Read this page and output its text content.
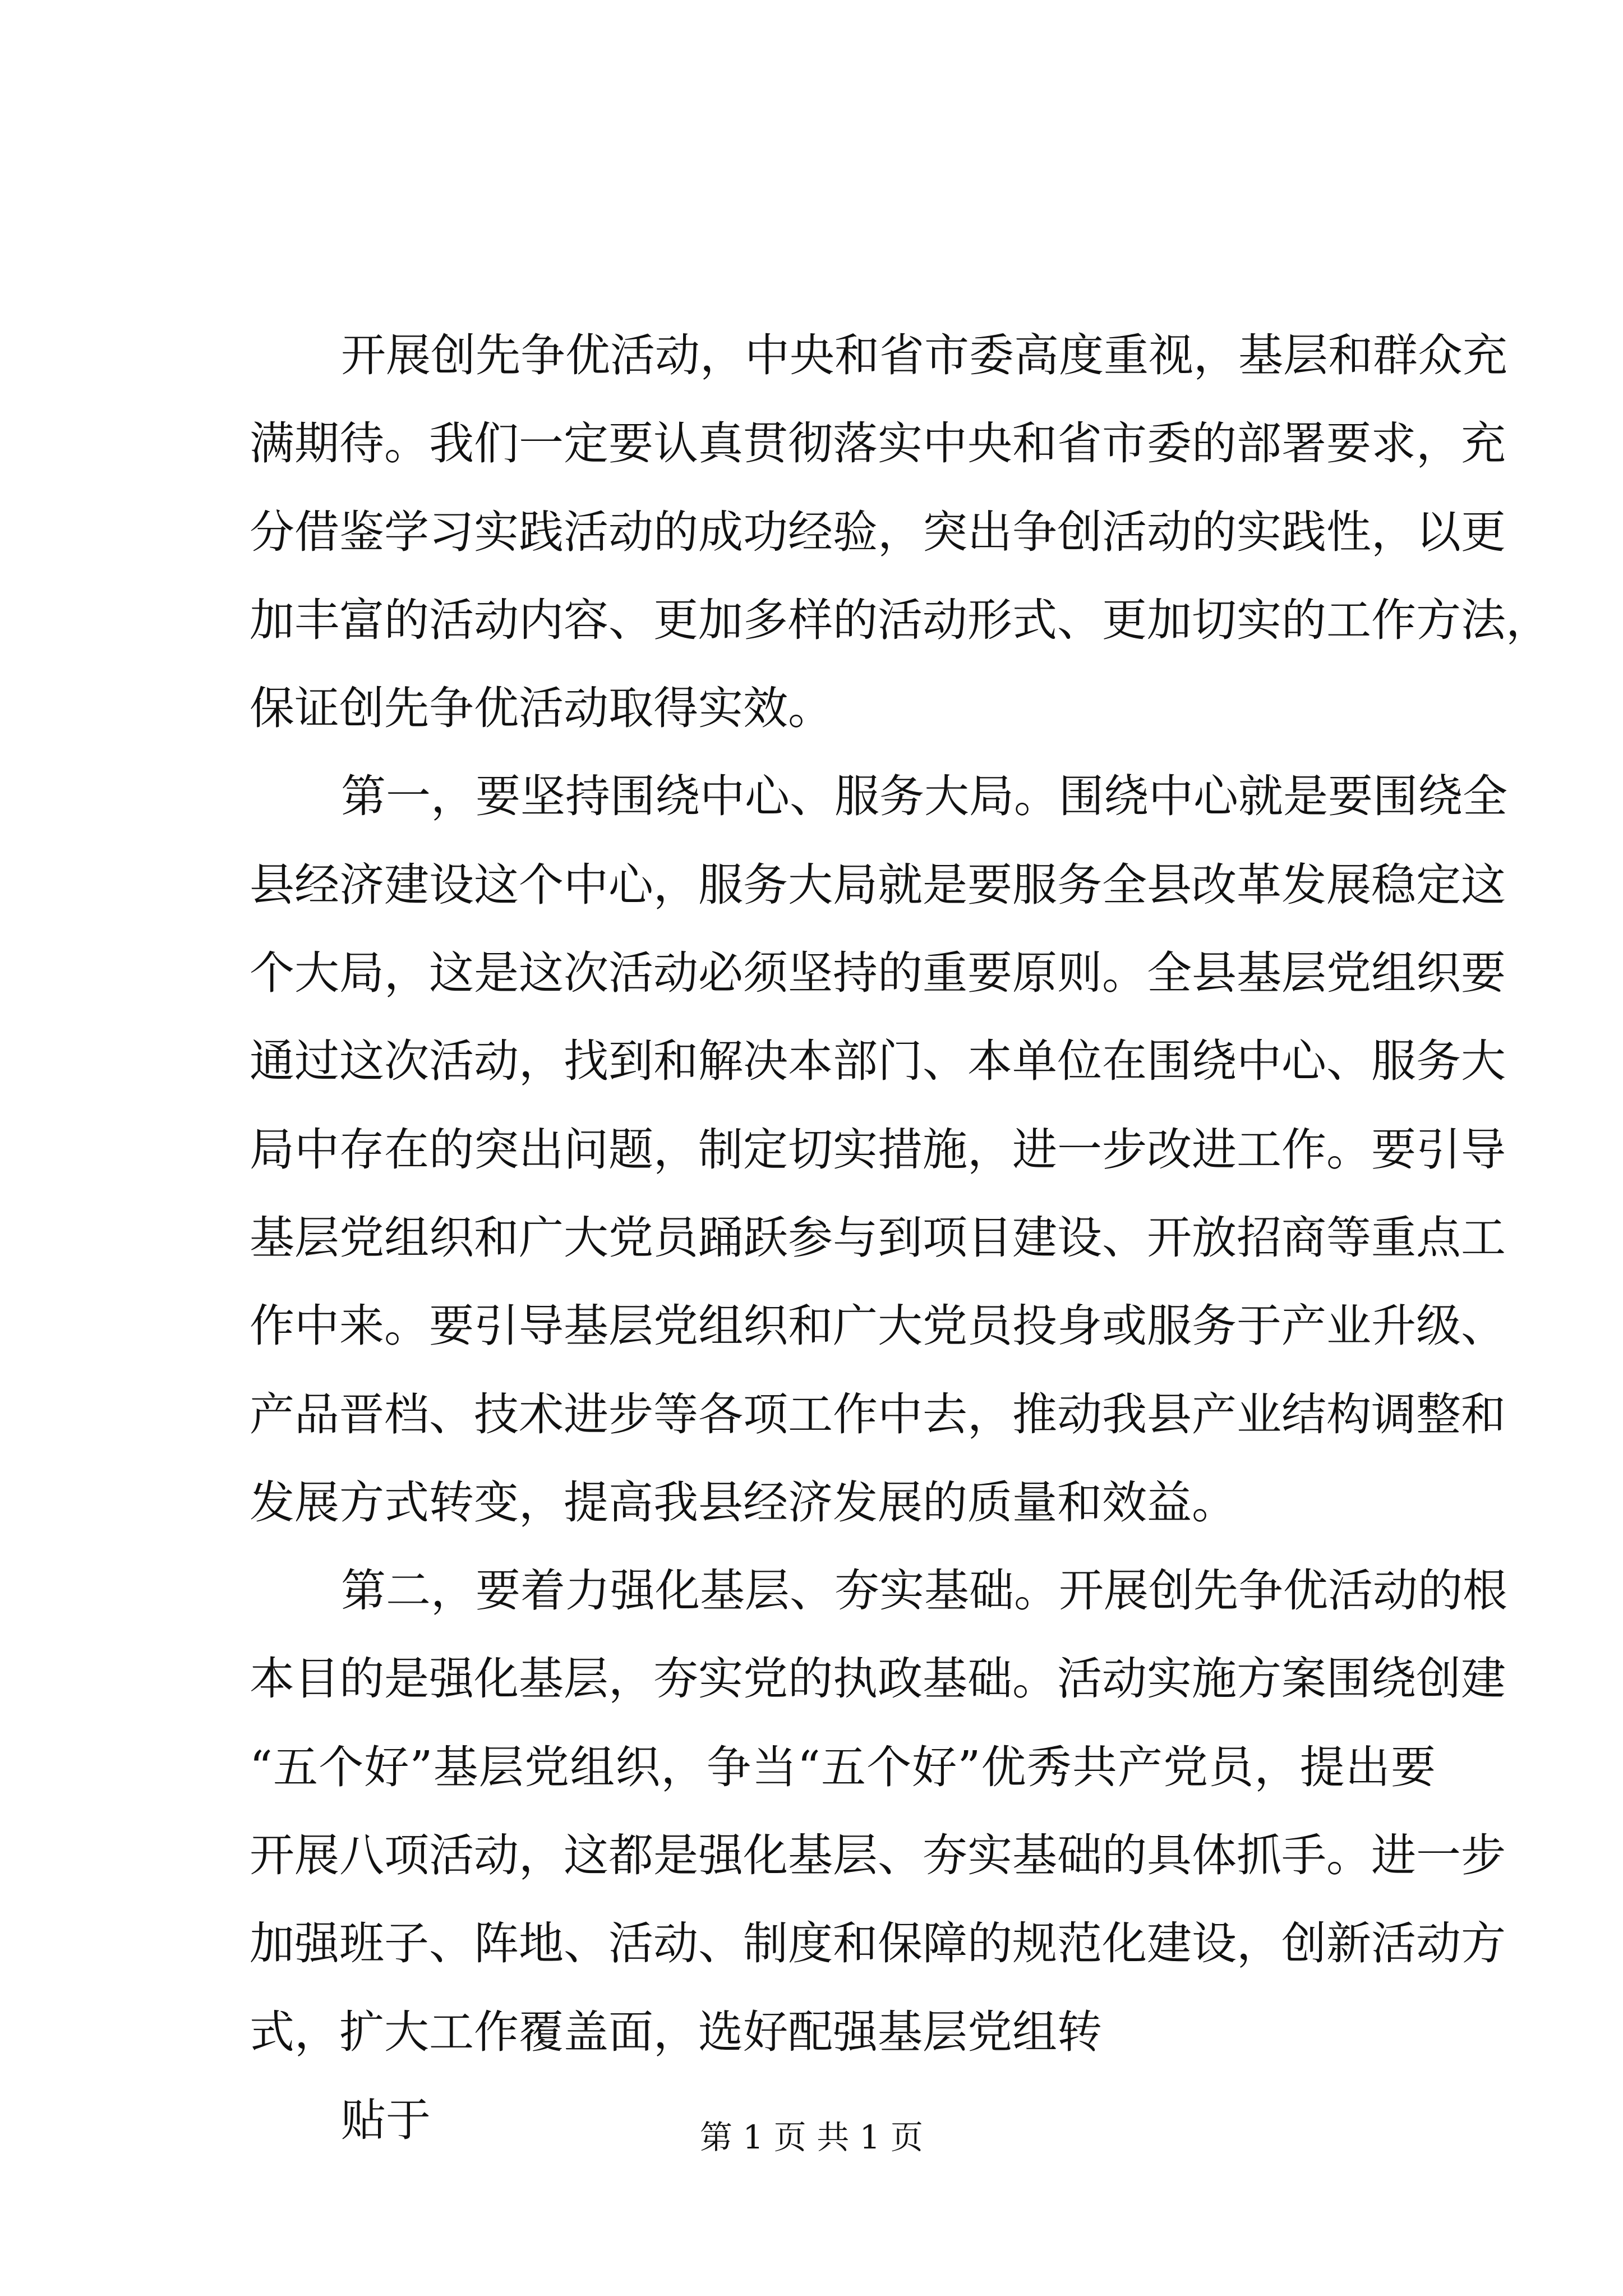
开展创先争优活动，中央和省市委高度重视，基层和群众充
满期待。我们一定要认真贯彻落实中央和省市委的部署要求，充
分借鉴学习实践活动的成功经验，突出争创活动的实践性，以更
加丰富的活动内容、更加多样的活动形式、更加切实的工作方法，
保证创先争优活动取得实效。
第一，要坚持围绕中心、服务大局。围绕中心就是要围绕全
县经济建设这个中心，服务大局就是要服务全县改革发展稳定这
个大局，这是这次活动必须坚持的重要原则。全县基层党组织要
通过这次活动，找到和解决本部门、本单位在围绕中心、服务大
局中存在的突出问题，制定切实措施，进一步改进工作。要引导
基层党组织和广大党员踊跃参与到项目建设、开放招商等重点工
作中来。要引导基层党组织和广大党员投身或服务于产业升级、
产品晋档、技术进步等各项工作中去，推动我县产业结构调整和
发展方式转变，提高我县经济发展的质量和效益。
第二，要着力强化基层、夯实基础。开展创先争优活动的根
本目的是强化基层，夯实党的执政基础。活动实施方案围绕创建
“五个好”基层党组织，争当“五个好”优秀共产党员，提出要
开展八项活动，这都是强化基层、夯实基础的具体抓手。进一步
加强班子、阵地、活动、制度和保障的规范化建设，创新活动方
式，扩大工作覆盖面，选好配强基层党组转
贴于	第 1 页 共 1 页
